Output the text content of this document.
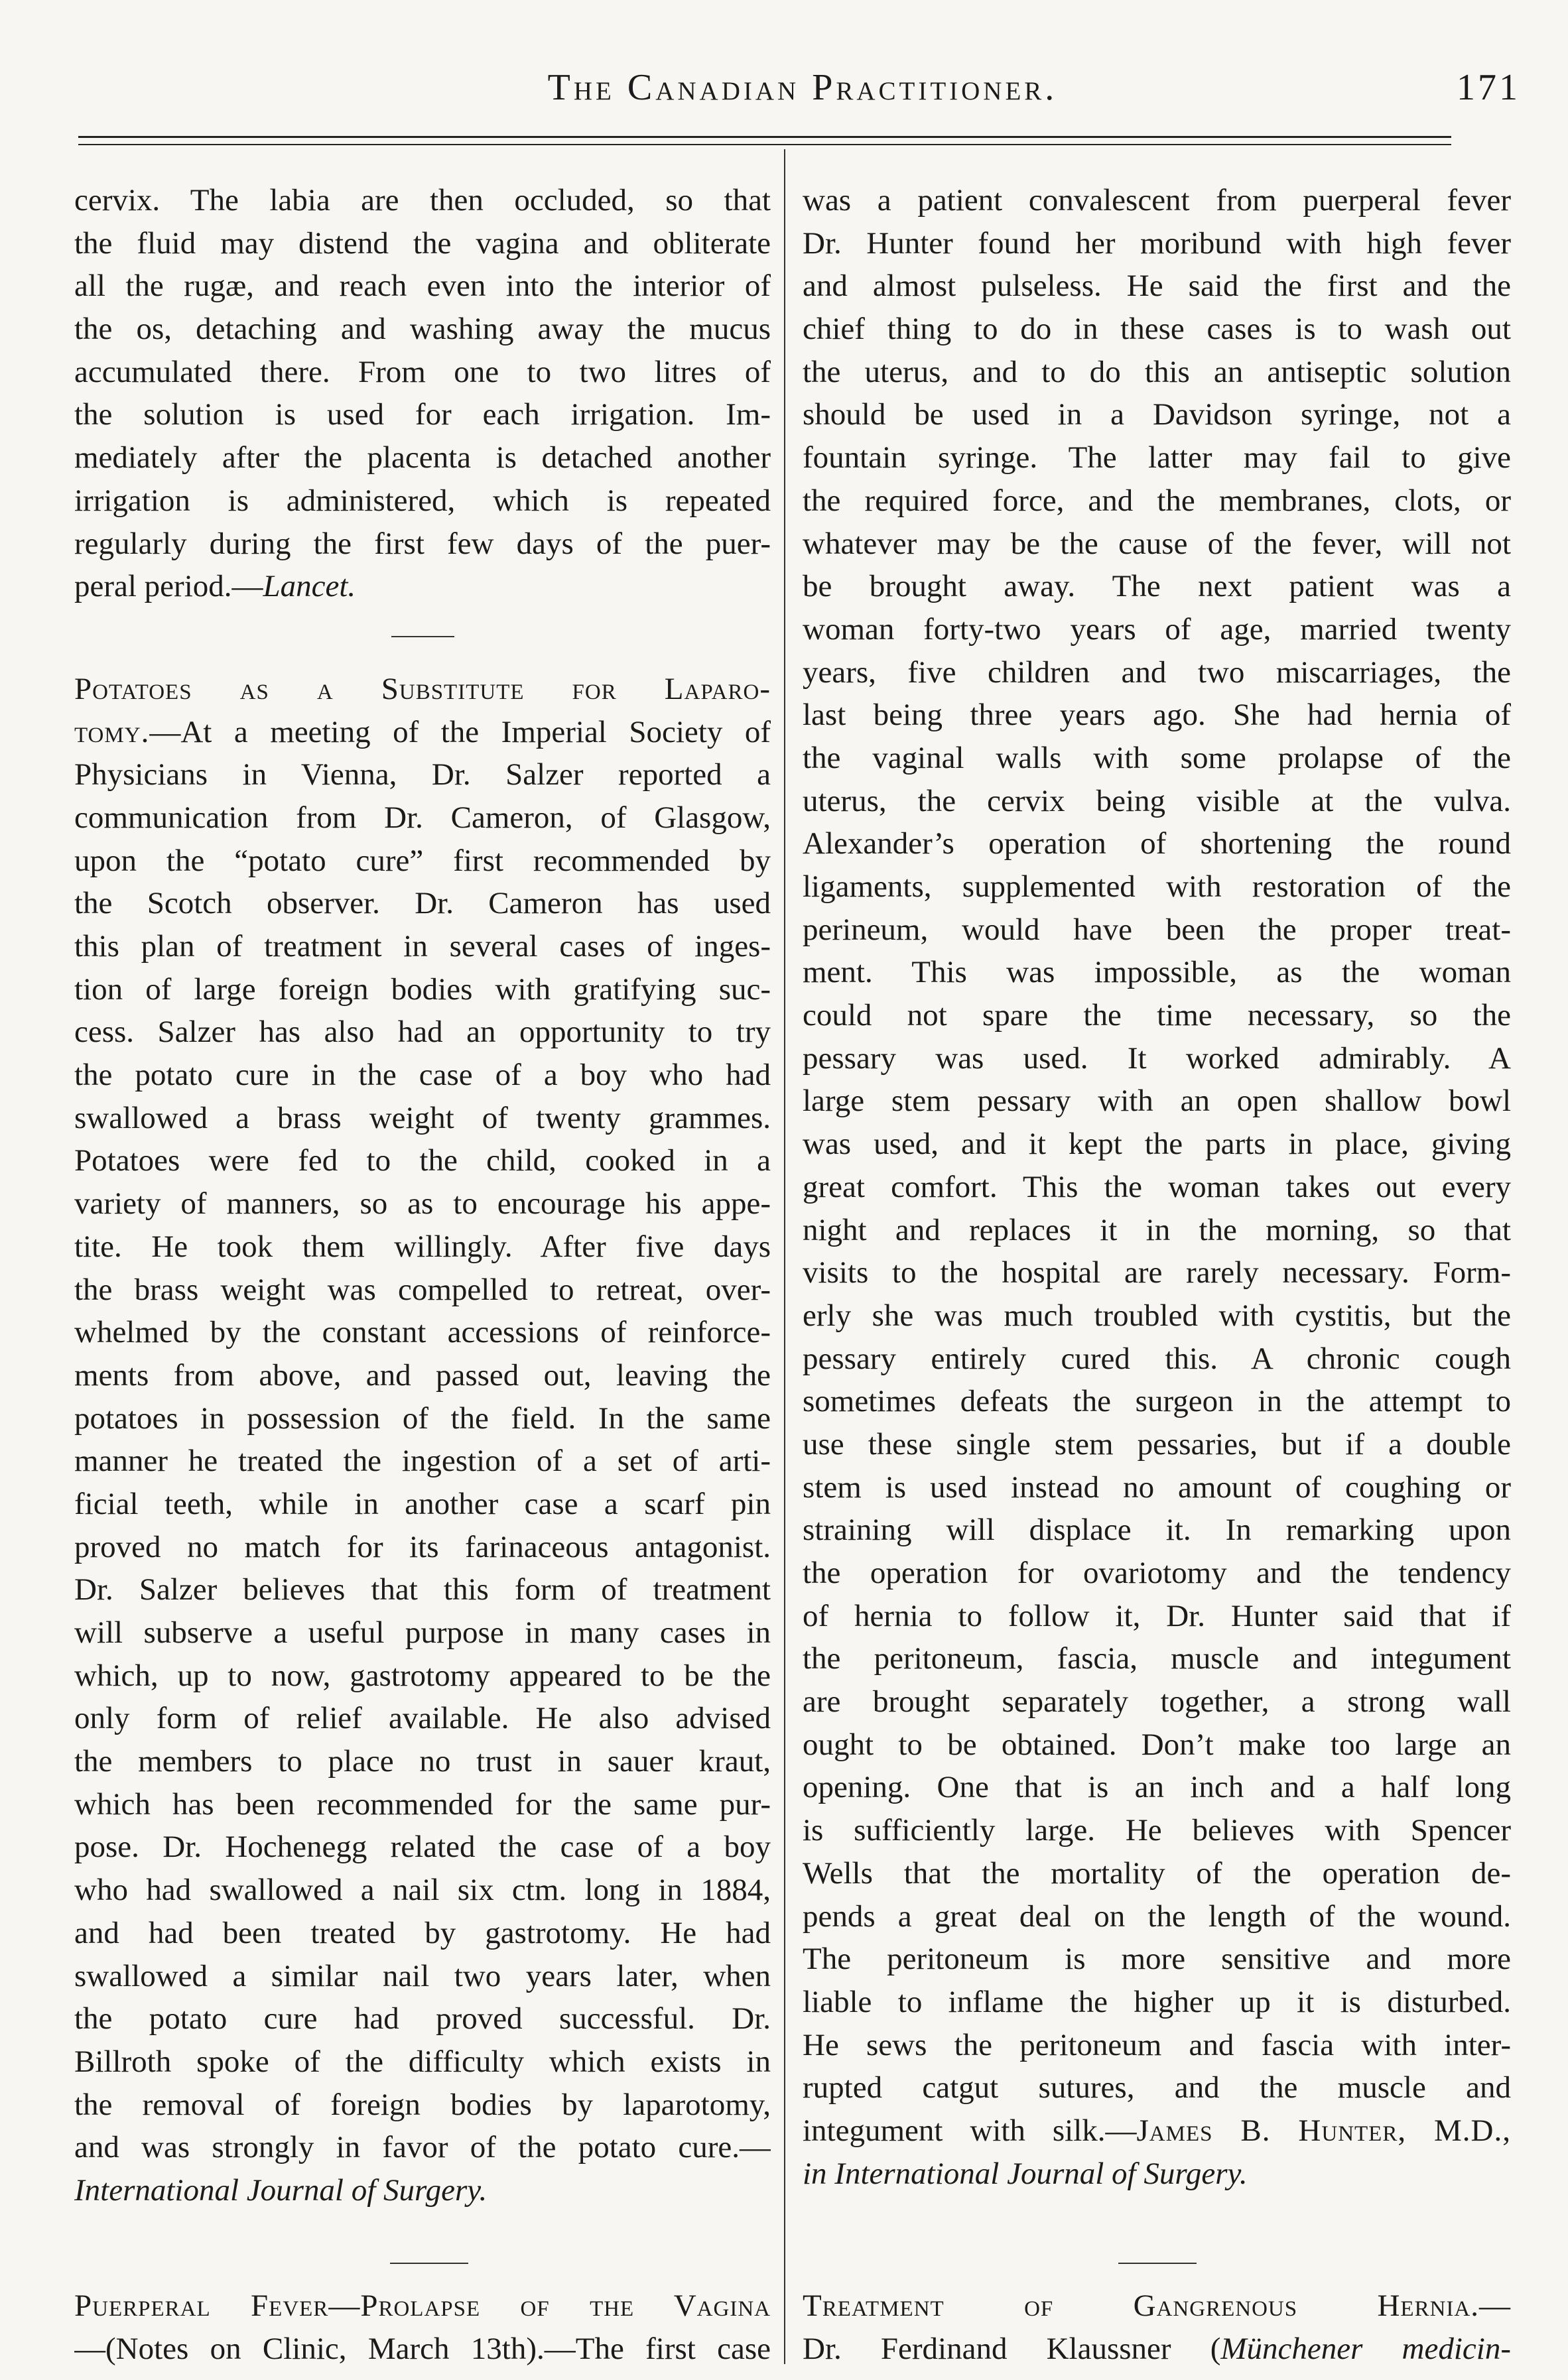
The Canadian Practitioner.	171
cervix. The labia are then occluded, so that
the fluid may distend the vagina and obliterate
all the rugæ, and reach even into the interior of
the os, detaching and washing away the mucus
accumulated there. From one to two litres of
the solution is used for each irrigation. Im-
mediately after the placenta is detached another
irrigation is administered, which is repeated
regularly during the first few days of the puer-
peral period.—Lancet.
Potatoes as a Substitute for Laparo-
tomy.—At a meeting of the Imperial Society of
Physicians in Vienna, Dr. Salzer reported a
communication from Dr. Cameron, of Glasgow,
upon the “potato cure” first recommended by
the Scotch observer. Dr. Cameron has used
this plan of treatment in several cases of inges-
tion of large foreign bodies with gratifying suc-
cess. Salzer has also had an opportunity to try
the potato cure in the case of a boy who had
swallowed a brass weight of twenty grammes.
Potatoes were fed to the child, cooked in a
variety of manners, so as to encourage his appe-
tite. He took them willingly. After five days
the brass weight was compelled to retreat, over-
whelmed by the constant accessions of reinforce-
ments from above, and passed out, leaving the
potatoes in possession of the field. In the same
manner he treated the ingestion of a set of arti-
ficial teeth, while in another case a scarf pin
proved no match for its farinaceous antagonist.
Dr. Salzer believes that this form of treatment
will subserve a useful purpose in many cases in
which, up to now, gastrotomy appeared to be the
only form of relief available. He also advised
the members to place no trust in sauer kraut,
which has been recommended for the same pur-
pose. Dr. Hochenegg related the case of a boy
who had swallowed a nail six ctm. long in 1884,
and had been treated by gastrotomy. He had
swallowed a similar nail two years later, when
the potato cure had proved successful. Dr.
Billroth spoke of the difficulty which exists in
the removal of foreign bodies by laparotomy,
and was strongly in favor of the potato cure.—
International Journal of Surgery.
was a patient convalescent from puerperal fever
Dr. Hunter found her moribund with high fever
and almost pulseless. He said the first and the
chief thing to do in these cases is to wash out
the uterus, and to do this an antiseptic solution
should be used in a Davidson syringe, not a
fountain syringe. The latter may fail to give
the required force, and the membranes, clots, or
whatever may be the cause of the fever, will not
be brought away. The next patient was a
woman forty-two years of age, married twenty
years, five children and two miscarriages, the
last being three years ago. She had hernia of
the vaginal walls with some prolapse of the
uterus, the cervix being visible at the vulva.
Alexander’s operation of shortening the round
ligaments, supplemented with restoration of the
perineum, would have been the proper treat-
ment. This was impossible, as the woman
could not spare the time necessary, so the
pessary was used. It worked admirably. A
large stem pessary with an open shallow bowl
was used, and it kept the parts in place, giving
great comfort. This the woman takes out every
night and replaces it in the morning, so that
visits to the hospital are rarely necessary. Form-
erly she was much troubled with cystitis, but the
pessary entirely cured this. A chronic cough
sometimes defeats the surgeon in the attempt to
use these single stem pessaries, but if a double
stem is used instead no amount of coughing or
straining will displace it. In remarking upon
the operation for ovariotomy and the tendency
of hernia to follow it, Dr. Hunter said that if
the peritoneum, fascia, muscle and integument
are brought separately together, a strong wall
ought to be obtained. Don’t make too large an
opening. One that is an inch and a half long
is sufficiently large. He believes with Spencer
Wells that the mortality of the operation de-
pends a great deal on the length of the wound.
The peritoneum is more sensitive and more
liable to inflame the higher up it is disturbed.
He sews the peritoneum and fascia with inter-
rupted catgut sutures, and the muscle and
integument with silk.—James B. Hunter, M.D.,
in International Journal of Surgery.
Puerperal Fever—Prolapse of the Vagina
—(Notes on Clinic, March 13th).—The first case
Treatment of Gangrenous Hernia.—
Dr. Ferdinand Klaussner (Münchener medicin-
